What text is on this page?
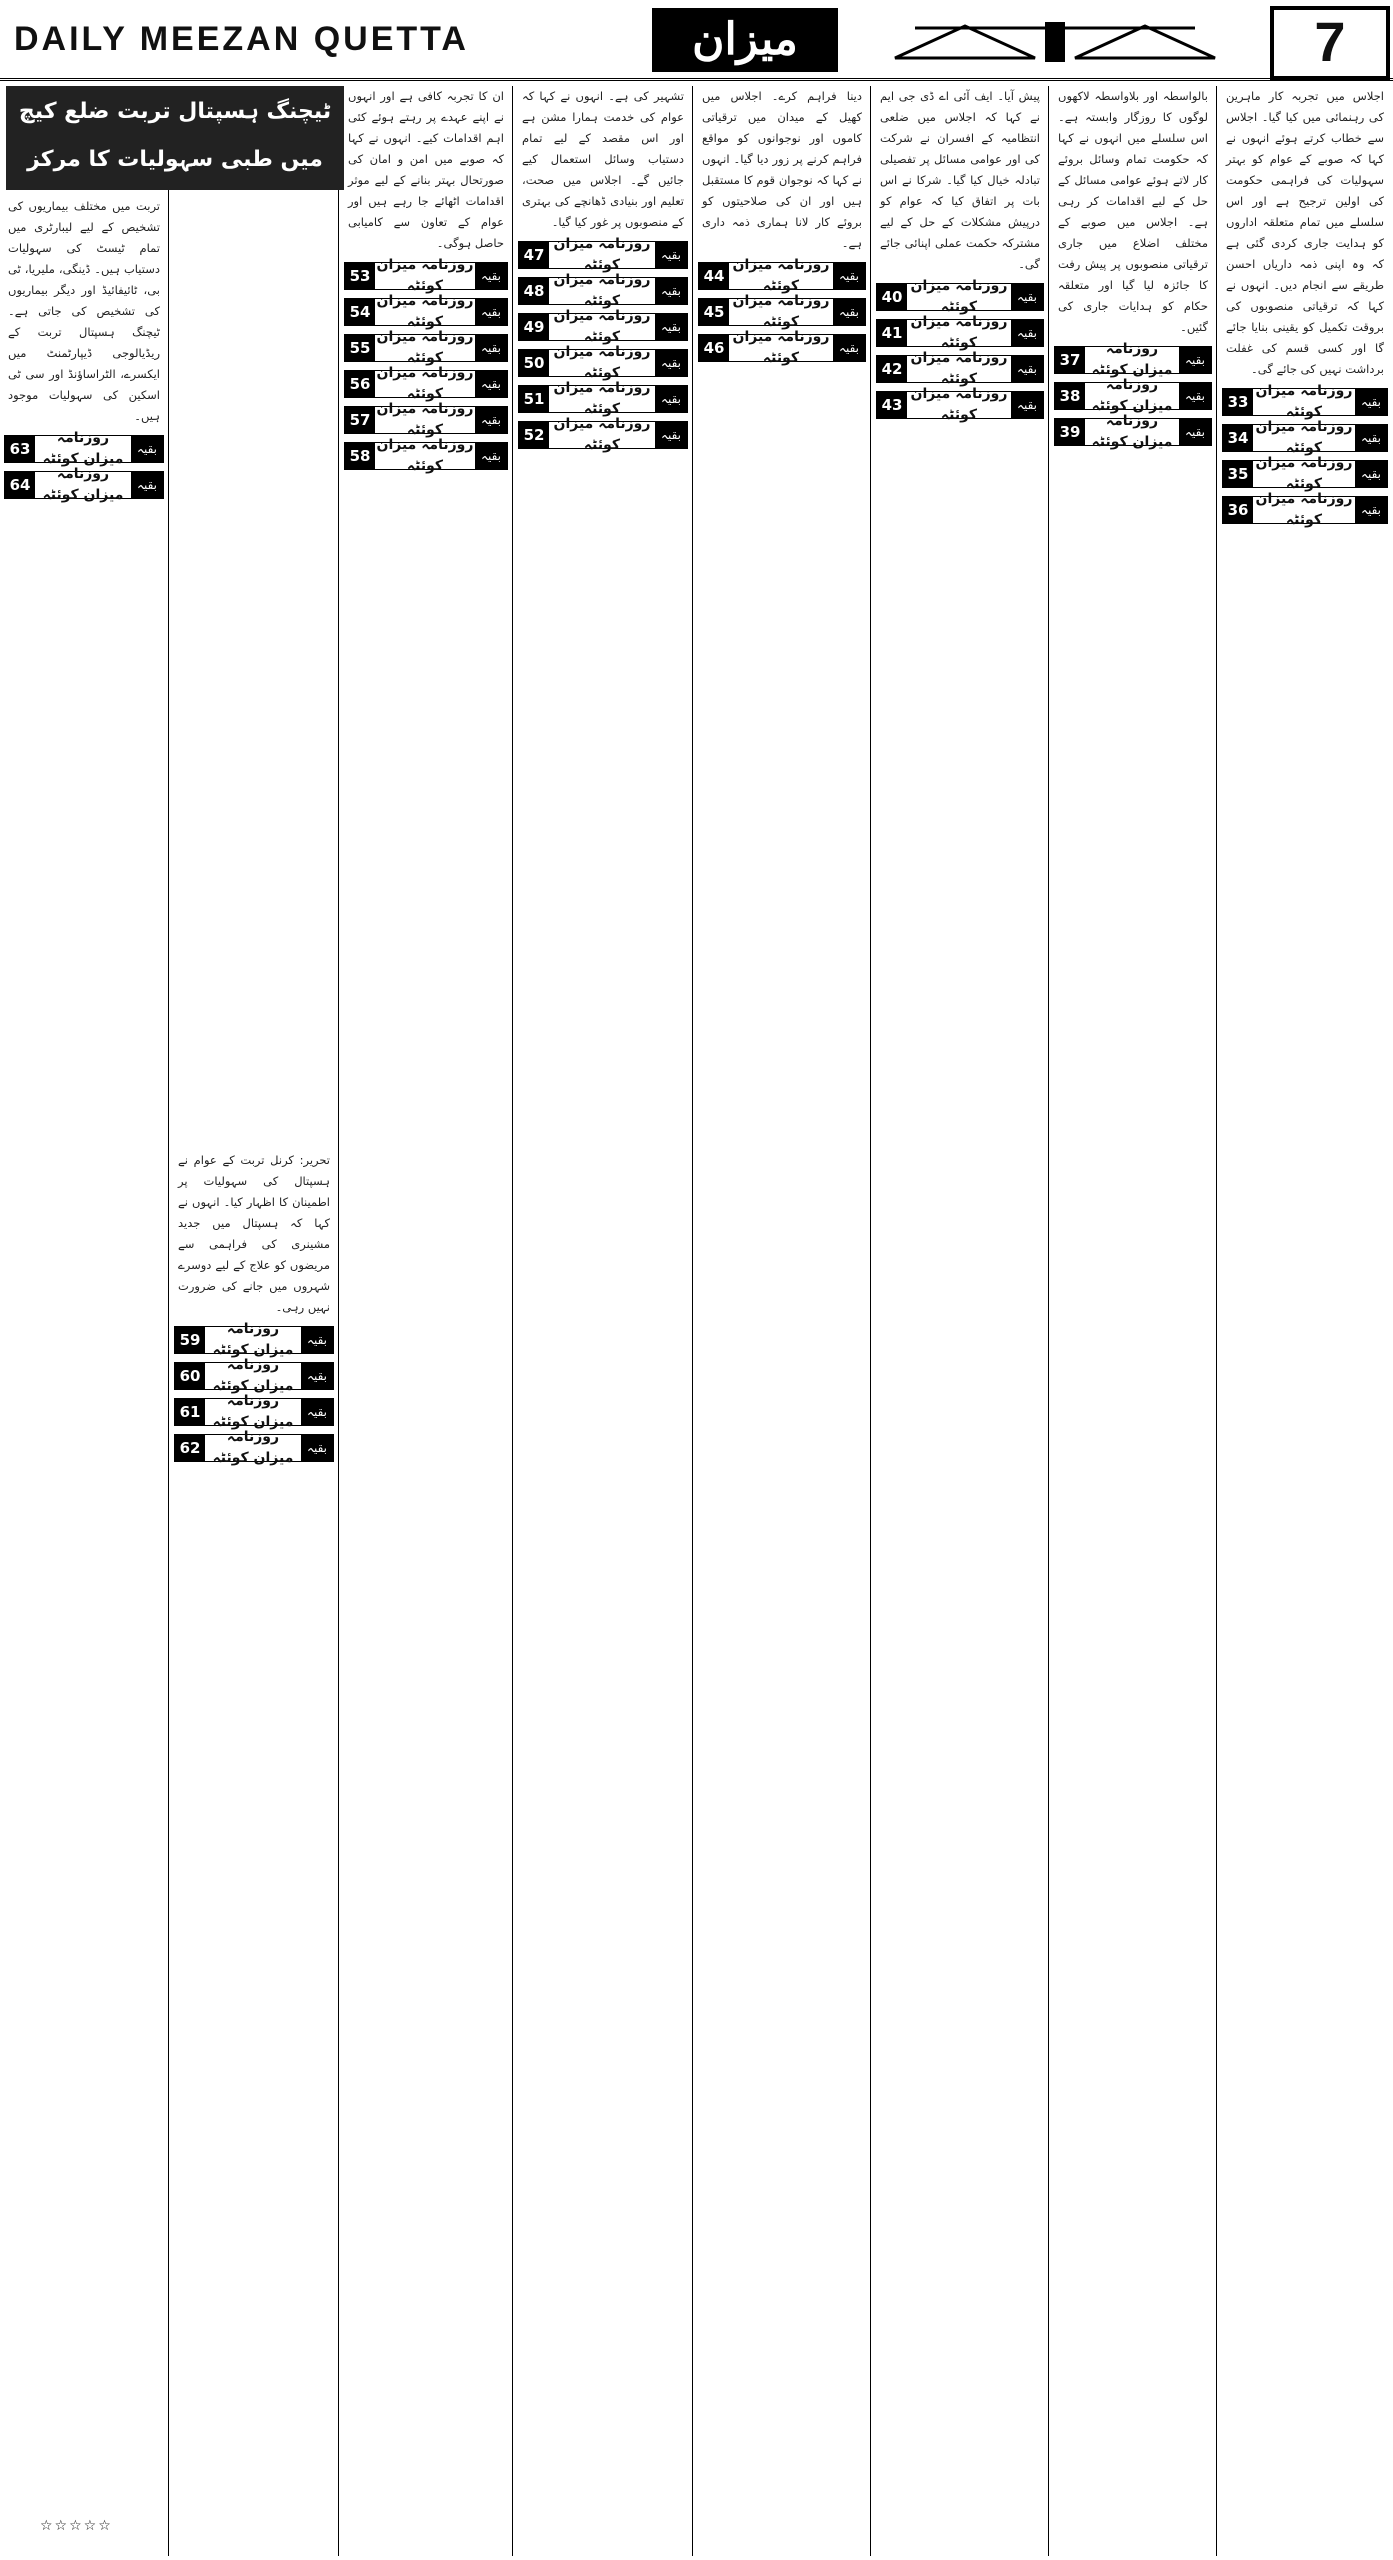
DAILY MEEZAN QUETTA	میزان	7
ٹیچنگ ہسپتال تربت ضلع کیچ میں طبی سہولیات کا مرکز
اجلاس میں تجربہ کار ماہرین کی رہنمائی میں کیا گیا۔ اجلاس سے خطاب کرتے ہوئے انہوں نے کہا کہ صوبے کے عوام کو بہتر سہولیات کی فراہمی حکومت کی اولین ترجیح ہے اور اس سلسلے میں تمام متعلقہ اداروں کو ہدایت جاری کردی گئی ہے کہ وہ اپنی ذمہ داریاں احسن طریقے سے انجام دیں۔ انہوں نے کہا کہ ترقیاتی منصوبوں کی بروقت تکمیل کو یقینی بنایا جائے گا اور کسی قسم کی غفلت برداشت نہیں کی جائے گی۔
بقیہ
روزنامہ میزان کوئٹہ
33
بقیہ
روزنامہ میزان کوئٹہ
34
بقیہ
روزنامہ میزان کوئٹہ
35
بقیہ
روزنامہ میزان کوئٹہ
36
بالواسطہ اور بلاواسطہ لاکھوں لوگوں کا روزگار وابستہ ہے۔ اس سلسلے میں انہوں نے کہا کہ حکومت تمام وسائل بروئے کار لاتے ہوئے عوامی مسائل کے حل کے لیے اقدامات کر رہی ہے۔ اجلاس میں صوبے کے مختلف اضلاع میں جاری ترقیاتی منصوبوں پر پیش رفت کا جائزہ لیا گیا اور متعلقہ حکام کو ہدایات جاری کی گئیں۔
بقیہ
روزنامہ میزان کوئٹہ
37
بقیہ
روزنامہ میزان کوئٹہ
38
بقیہ
روزنامہ میزان کوئٹہ
39
پیش آیا۔ ایف آئی اے ڈی جی ایم نے کہا کہ اجلاس میں ضلعی انتظامیہ کے افسران نے شرکت کی اور عوامی مسائل پر تفصیلی تبادلہ خیال کیا گیا۔ شرکا نے اس بات پر اتفاق کیا کہ عوام کو درپیش مشکلات کے حل کے لیے مشترکہ حکمت عملی اپنائی جائے گی۔
بقیہ
روزنامہ میزان کوئٹہ
40
بقیہ
روزنامہ میزان کوئٹہ
41
بقیہ
روزنامہ میزان کوئٹہ
42
بقیہ
روزنامہ میزان کوئٹہ
43
دینا فراہم کرے۔ اجلاس میں کھیل کے میدان میں ترقیاتی کاموں اور نوجوانوں کو مواقع فراہم کرنے پر زور دیا گیا۔ انہوں نے کہا کہ نوجوان قوم کا مستقبل ہیں اور ان کی صلاحیتوں کو بروئے کار لانا ہماری ذمہ داری ہے۔
بقیہ
روزنامہ میزان کوئٹہ
44
بقیہ
روزنامہ میزان کوئٹہ
45
بقیہ
روزنامہ میزان کوئٹہ
46
تشہیر کی ہے۔ انہوں نے کہا کہ عوام کی خدمت ہمارا مشن ہے اور اس مقصد کے لیے تمام دستیاب وسائل استعمال کیے جائیں گے۔ اجلاس میں صحت، تعلیم اور بنیادی ڈھانچے کی بہتری کے منصوبوں پر غور کیا گیا۔
بقیہ
روزنامہ میزان کوئٹہ
47
بقیہ
روزنامہ میزان کوئٹہ
48
بقیہ
روزنامہ میزان کوئٹہ
49
بقیہ
روزنامہ میزان کوئٹہ
50
بقیہ
روزنامہ میزان کوئٹہ
51
بقیہ
روزنامہ میزان کوئٹہ
52
ان کا تجربہ کافی ہے اور انہوں نے اپنے عہدے پر رہتے ہوئے کئی اہم اقدامات کیے۔ انہوں نے کہا کہ صوبے میں امن و امان کی صورتحال بہتر بنانے کے لیے موثر اقدامات اٹھائے جا رہے ہیں اور عوام کے تعاون سے کامیابی حاصل ہوگی۔
بقیہ
روزنامہ میزان کوئٹہ
53
بقیہ
روزنامہ میزان کوئٹہ
54
بقیہ
روزنامہ میزان کوئٹہ
55
بقیہ
روزنامہ میزان کوئٹہ
56
بقیہ
روزنامہ میزان کوئٹہ
57
بقیہ
روزنامہ میزان کوئٹہ
58
تحریر: کرنل تربت کے عوام نے ہسپتال کی سہولیات پر اطمینان کا اظہار کیا۔ انہوں نے کہا کہ ہسپتال میں جدید مشینری کی فراہمی سے مریضوں کو علاج کے لیے دوسرے شہروں میں جانے کی ضرورت نہیں رہی۔
بقیہ
روزنامہ میزان کوئٹہ
59
بقیہ
روزنامہ میزان کوئٹہ
60
بقیہ
روزنامہ میزان کوئٹہ
61
بقیہ
روزنامہ میزان کوئٹہ
62
تربت میں مختلف بیماریوں کی تشخیص کے لیے لیبارٹری میں تمام ٹیسٹ کی سہولیات دستیاب ہیں۔ ڈینگی، ملیریا، ٹی بی، ٹائیفائیڈ اور دیگر بیماریوں کی تشخیص کی جاتی ہے۔ ٹیچنگ ہسپتال تربت کے ریڈیالوجی ڈیپارٹمنٹ میں ایکسرے، الٹراساؤنڈ اور سی ٹی اسکین کی سہولیات موجود ہیں۔
بقیہ
روزنامہ میزان کوئٹہ
63
بقیہ
روزنامہ میزان کوئٹہ
64
☆☆☆☆☆
